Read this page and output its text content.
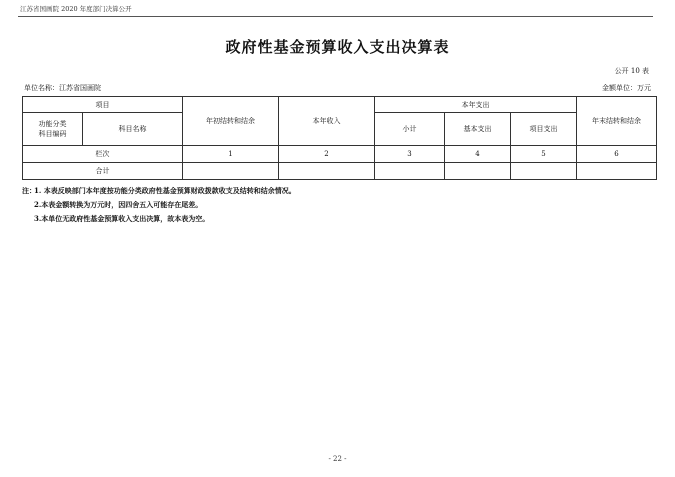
江苏省国画院 2020 年度部门决算公开
政府性基金预算收入支出决算表
公开 10 表
单位名称：江苏省国画院	金额单位：万元
项目		年初结转和结余	本年收入	本年支出			年末结转和结余
功能分类
科目编码	科目名称			小计	基本支出	项目支出	
栏次		1	2	3	4	5	6
合计							
注：
1. 本表反映部门本年度按功能分类政府性基金预算财政拨款收支及结转和结余情况。
2.本表金额转换为万元时，因四舍五入可能存在尾差。
3.本单位无政府性基金预算收入支出决算，故本表为空。
- 22 -
